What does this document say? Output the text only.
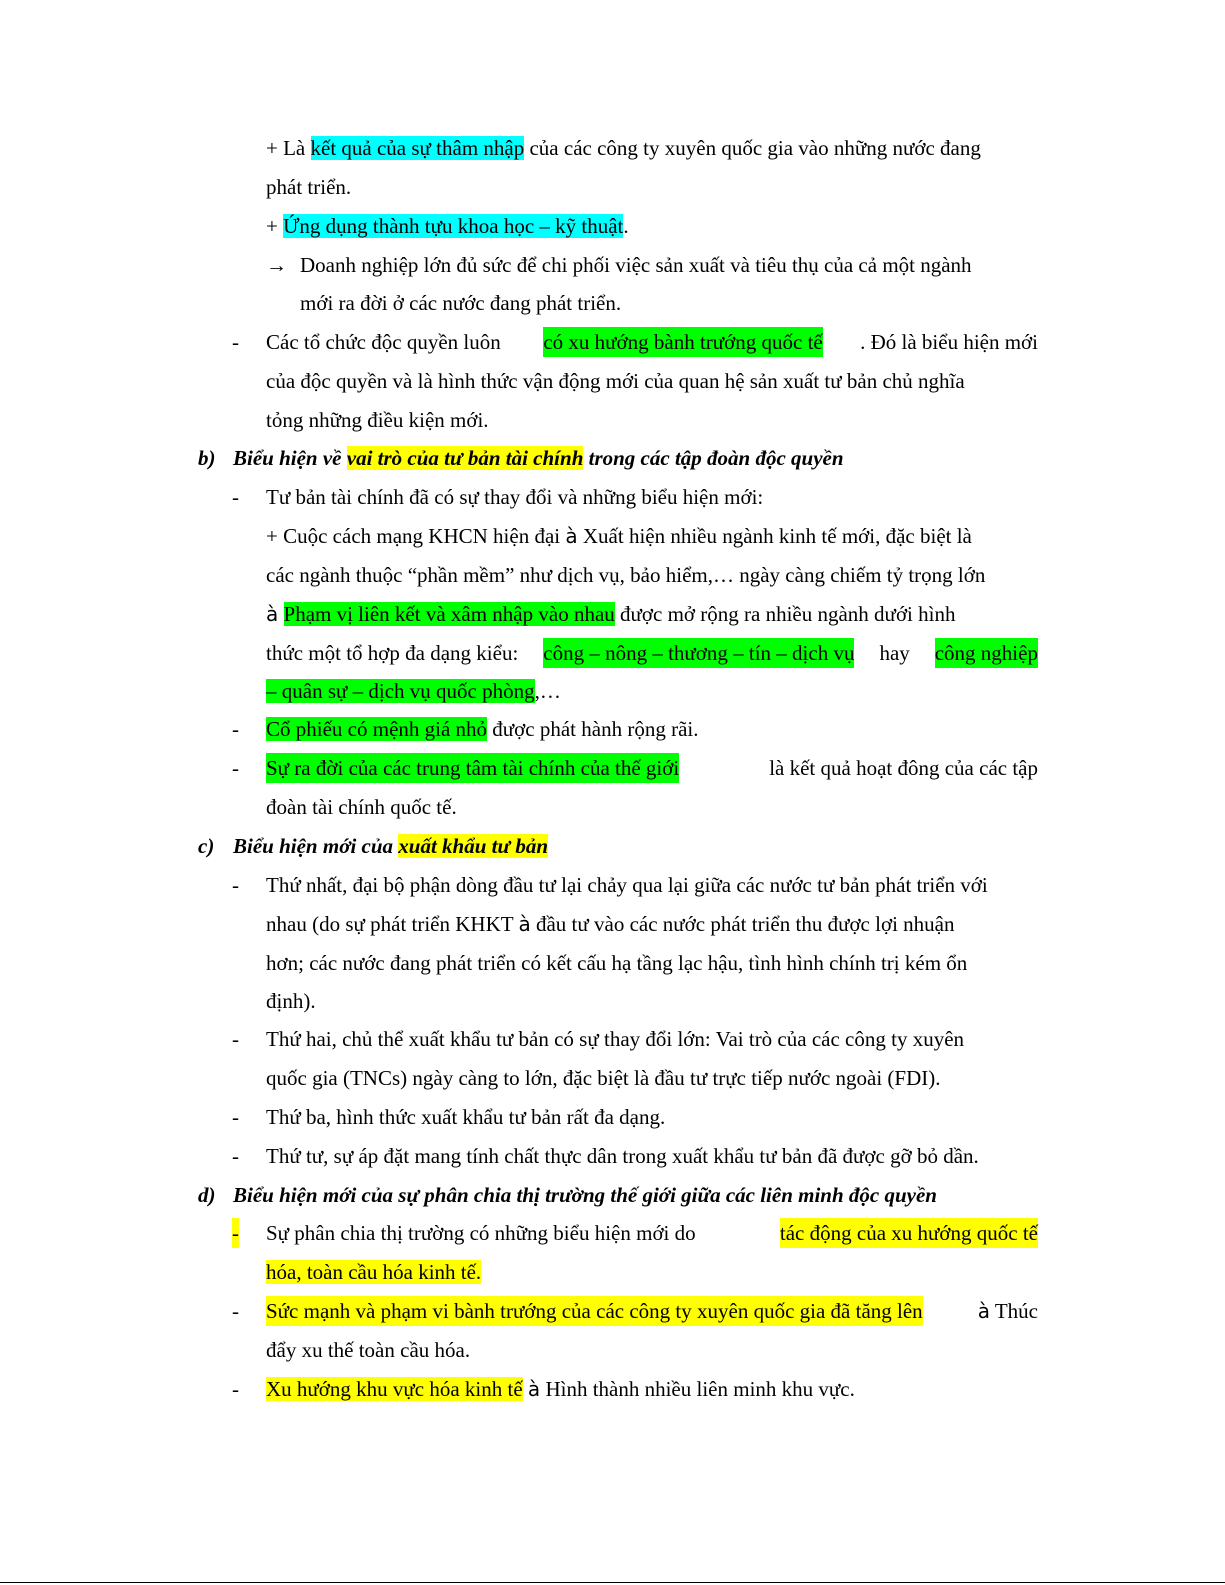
+ Là kết quả của sự thâm nhập của các công ty xuyên quốc gia vào những nước đang
phát triển.
+ Ứng dụng thành tựu khoa học – kỹ thuật.
→ Doanh nghiệp lớn đủ sức để chi phối việc sản xuất và tiêu thụ của cả một ngành
mới ra đời ở các nước đang phát triển.
- Các tổ chức độc quyền luôn có xu hướng bành trướng quốc tế . Đó là biểu hiện mới
của độc quyền và là hình thức vận động mới của quan hệ sản xuất tư bản chủ nghĩa
tỏng những điều kiện mới.
b) Biểu hiện về vai trò của tư bản tài chính trong các tập đoàn độc quyền
- Tư bản tài chính đã có sự thay đổi và những biểu hiện mới:
+ Cuộc cách mạng KHCN hiện đại à Xuất hiện nhiều ngành kinh tế mới, đặc biệt là
các ngành thuộc “phần mềm” như dịch vụ, bảo hiểm,… ngày càng chiếm tỷ trọng lớn
à Phạm vị liên kết và xâm nhập vào nhau được mở rộng ra nhiều ngành dưới hình
thức một tổ hợp đa dạng kiểu: công – nông – thương – tín – dịch vụ hay công nghiệp
– quân sự – dịch vụ quốc phòng,…
- Cổ phiếu có mệnh giá nhỏ được phát hành rộng rãi.
- Sự ra đời của các trung tâm tài chính của thế giới	là kết quả hoạt đông của các tập
đoàn tài chính quốc tế.
c) Biểu hiện mới của xuất khẩu tư bản
- Thứ nhất, đại bộ phận dòng đầu tư lại chảy qua lại giữa các nước tư bản phát triển với
nhau (do sự phát triển KHKT à đầu tư vào các nước phát triển thu được lợi nhuận
hơn; các nước đang phát triển có kết cấu hạ tầng lạc hậu, tình hình chính trị kém ổn
định).
- Thứ hai, chủ thể xuất khẩu tư bản có sự thay đổi lớn: Vai trò của các công ty xuyên
quốc gia (TNCs) ngày càng to lớn, đặc biệt là đầu tư trực tiếp nước ngoài (FDI).
- Thứ ba, hình thức xuất khẩu tư bản rất đa dạng.
- Thứ tư, sự áp đặt mang tính chất thực dân trong xuất khẩu tư bản đã được gỡ bỏ dần.
d) Biểu hiện mới của sự phân chia thị trường thế giới giữa các liên minh độc quyền
- Sự phân chia thị trường có những biểu hiện mới do	tác động của xu hướng quốc tế
hóa, toàn cầu hóa kinh tế.
- Sức mạnh và phạm vi bành trướng của các công ty xuyên quốc gia đã tăng lên	à Thúc
đẩy xu thế toàn cầu hóa.
- Xu hướng khu vực hóa kinh tế à Hình thành nhiều liên minh khu vực.
